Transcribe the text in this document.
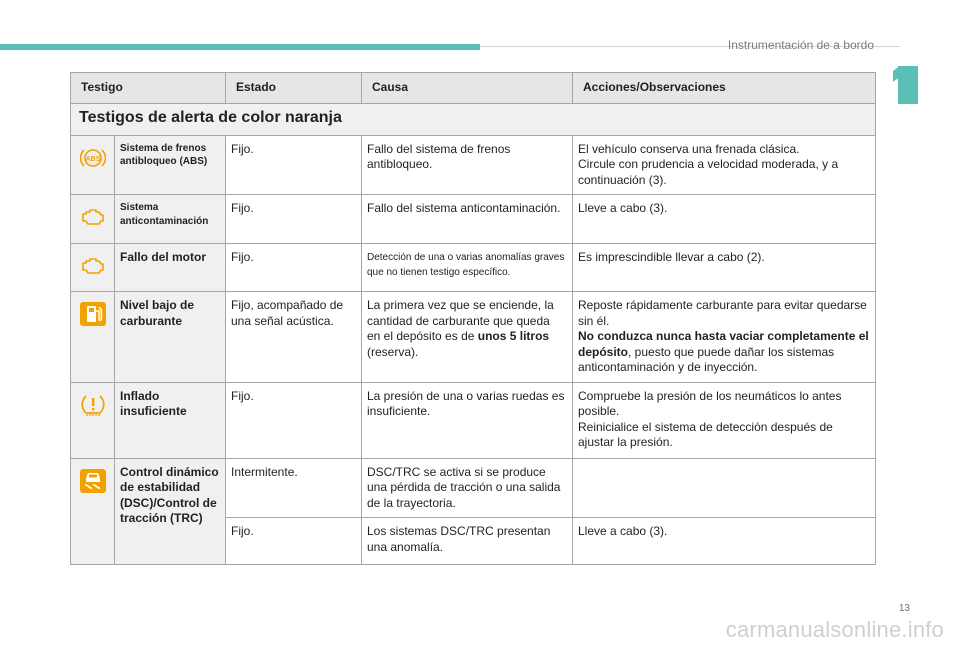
Instrumentación de a bordo
Testigo		Estado	Causa	Acciones/Observaciones
Testigos de alerta de color naranja				

ABS	Sistema de frenos antibloqueo (ABS)	Fijo.	Fallo del sistema de frenos antibloqueo.	El vehículo conserva una frenada clásica.
Circule con prudencia a velocidad moderada, y a continuación (3).

	Sistema anticontaminación	Fijo.	Fallo del sistema anticontaminación.	Lleve a cabo (3).

	Fallo del motor	Fijo.	Detección de una o varias anomalías graves que no tienen testigo específico.	Es imprescindible llevar a cabo (2).

	Nivel bajo de carburante	Fijo, acompañado de una señal acústica.	La primera vez que se enciende, la cantidad de carburante que queda en el depósito es de unos 5 litros (reserva).	Reposte rápidamente carburante para evitar quedarse sin él.
No conduzca nunca hasta vaciar completamente el depósito, puesto que puede dañar los sistemas anticontaminación y de inyección.

	Inflado insuficiente	Fijo.	La presión de una o varias ruedas es insuficiente.	Compruebe la presión de los neumáticos lo antes posible.
Reinicialice el sistema de detección después de ajustar la presión.

	Control dinámico de estabilidad (DSC)/Control de tracción (TRC)	Intermitente.	DSC/TRC se activa si se produce una pérdida de tracción o una salida de la trayectoria.	
		Fijo.	Los sistemas DSC/TRC presentan una anomalía.	Lleve a cabo (3).
13
carmanualsonline.info
